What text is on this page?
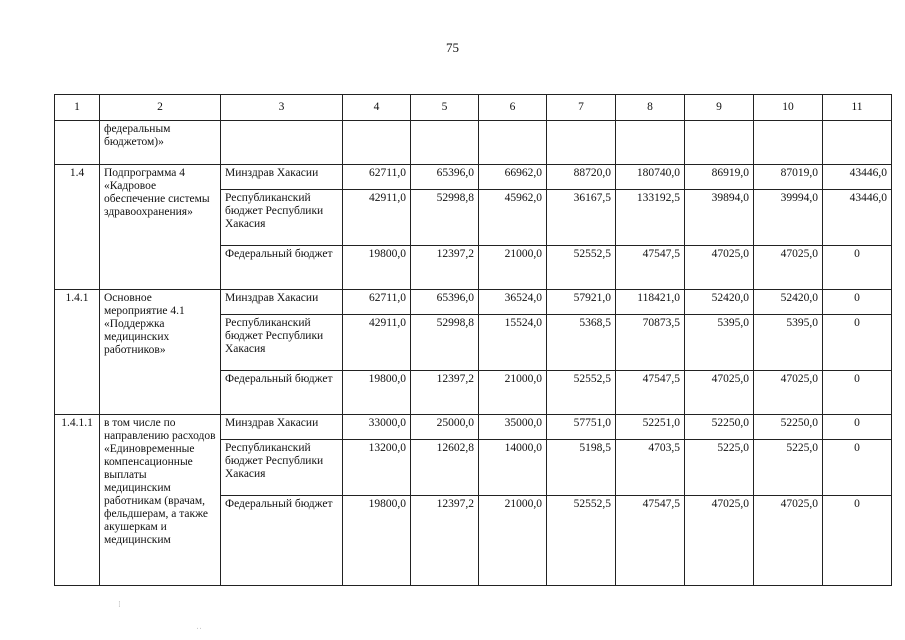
75
1	2	3	4	5	6	7	8	9	10	11
	федеральным бюджетом)»									
1.4	Подпрограмма 4 «Кадровое обеспечение системы здравоохранения»	Минздрав Хакасии	62711,0	65396,0	66962,0	88720,0	180740,0	86919,0	87019,0	43446,0
		Республиканский бюджет Республики Хакасия	42911,0	52998,8	45962,0	36167,5	133192,5	39894,0	39994,0	43446,0
		Федеральный бюджет	19800,0	12397,2	21000,0	52552,5	47547,5	47025,0	47025,0	0
1.4.1	Основное мероприятие 4.1 «Поддержка медицинских работников»	Минздрав Хакасии	62711,0	65396,0	36524,0	57921,0	118421,0	52420,0	52420,0	0
		Республиканский бюджет Республики Хакасия	42911,0	52998,8	15524,0	5368,5	70873,5	5395,0	5395,0	0
		Федеральный бюджет	19800,0	12397,2	21000,0	52552,5	47547,5	47025,0	47025,0	0
1.4.1.1	в том числе по направлению расходов «Единовременные компенсационные выплаты медицинским работникам (врачам, фельдшерам, а также акушеркам и медицинским	Минздрав Хакасии	33000,0	25000,0	35000,0	57751,0	52251,0	52250,0	52250,0	0
		Республиканский бюджет Республики Хакасия	13200,0	12602,8	14000,0	5198,5	4703,5	5225,0	5225,0	0
		Федеральный бюджет	19800,0	12397,2	21000,0	52552,5	47547,5	47025,0	47025,0	0
⁞
‥
